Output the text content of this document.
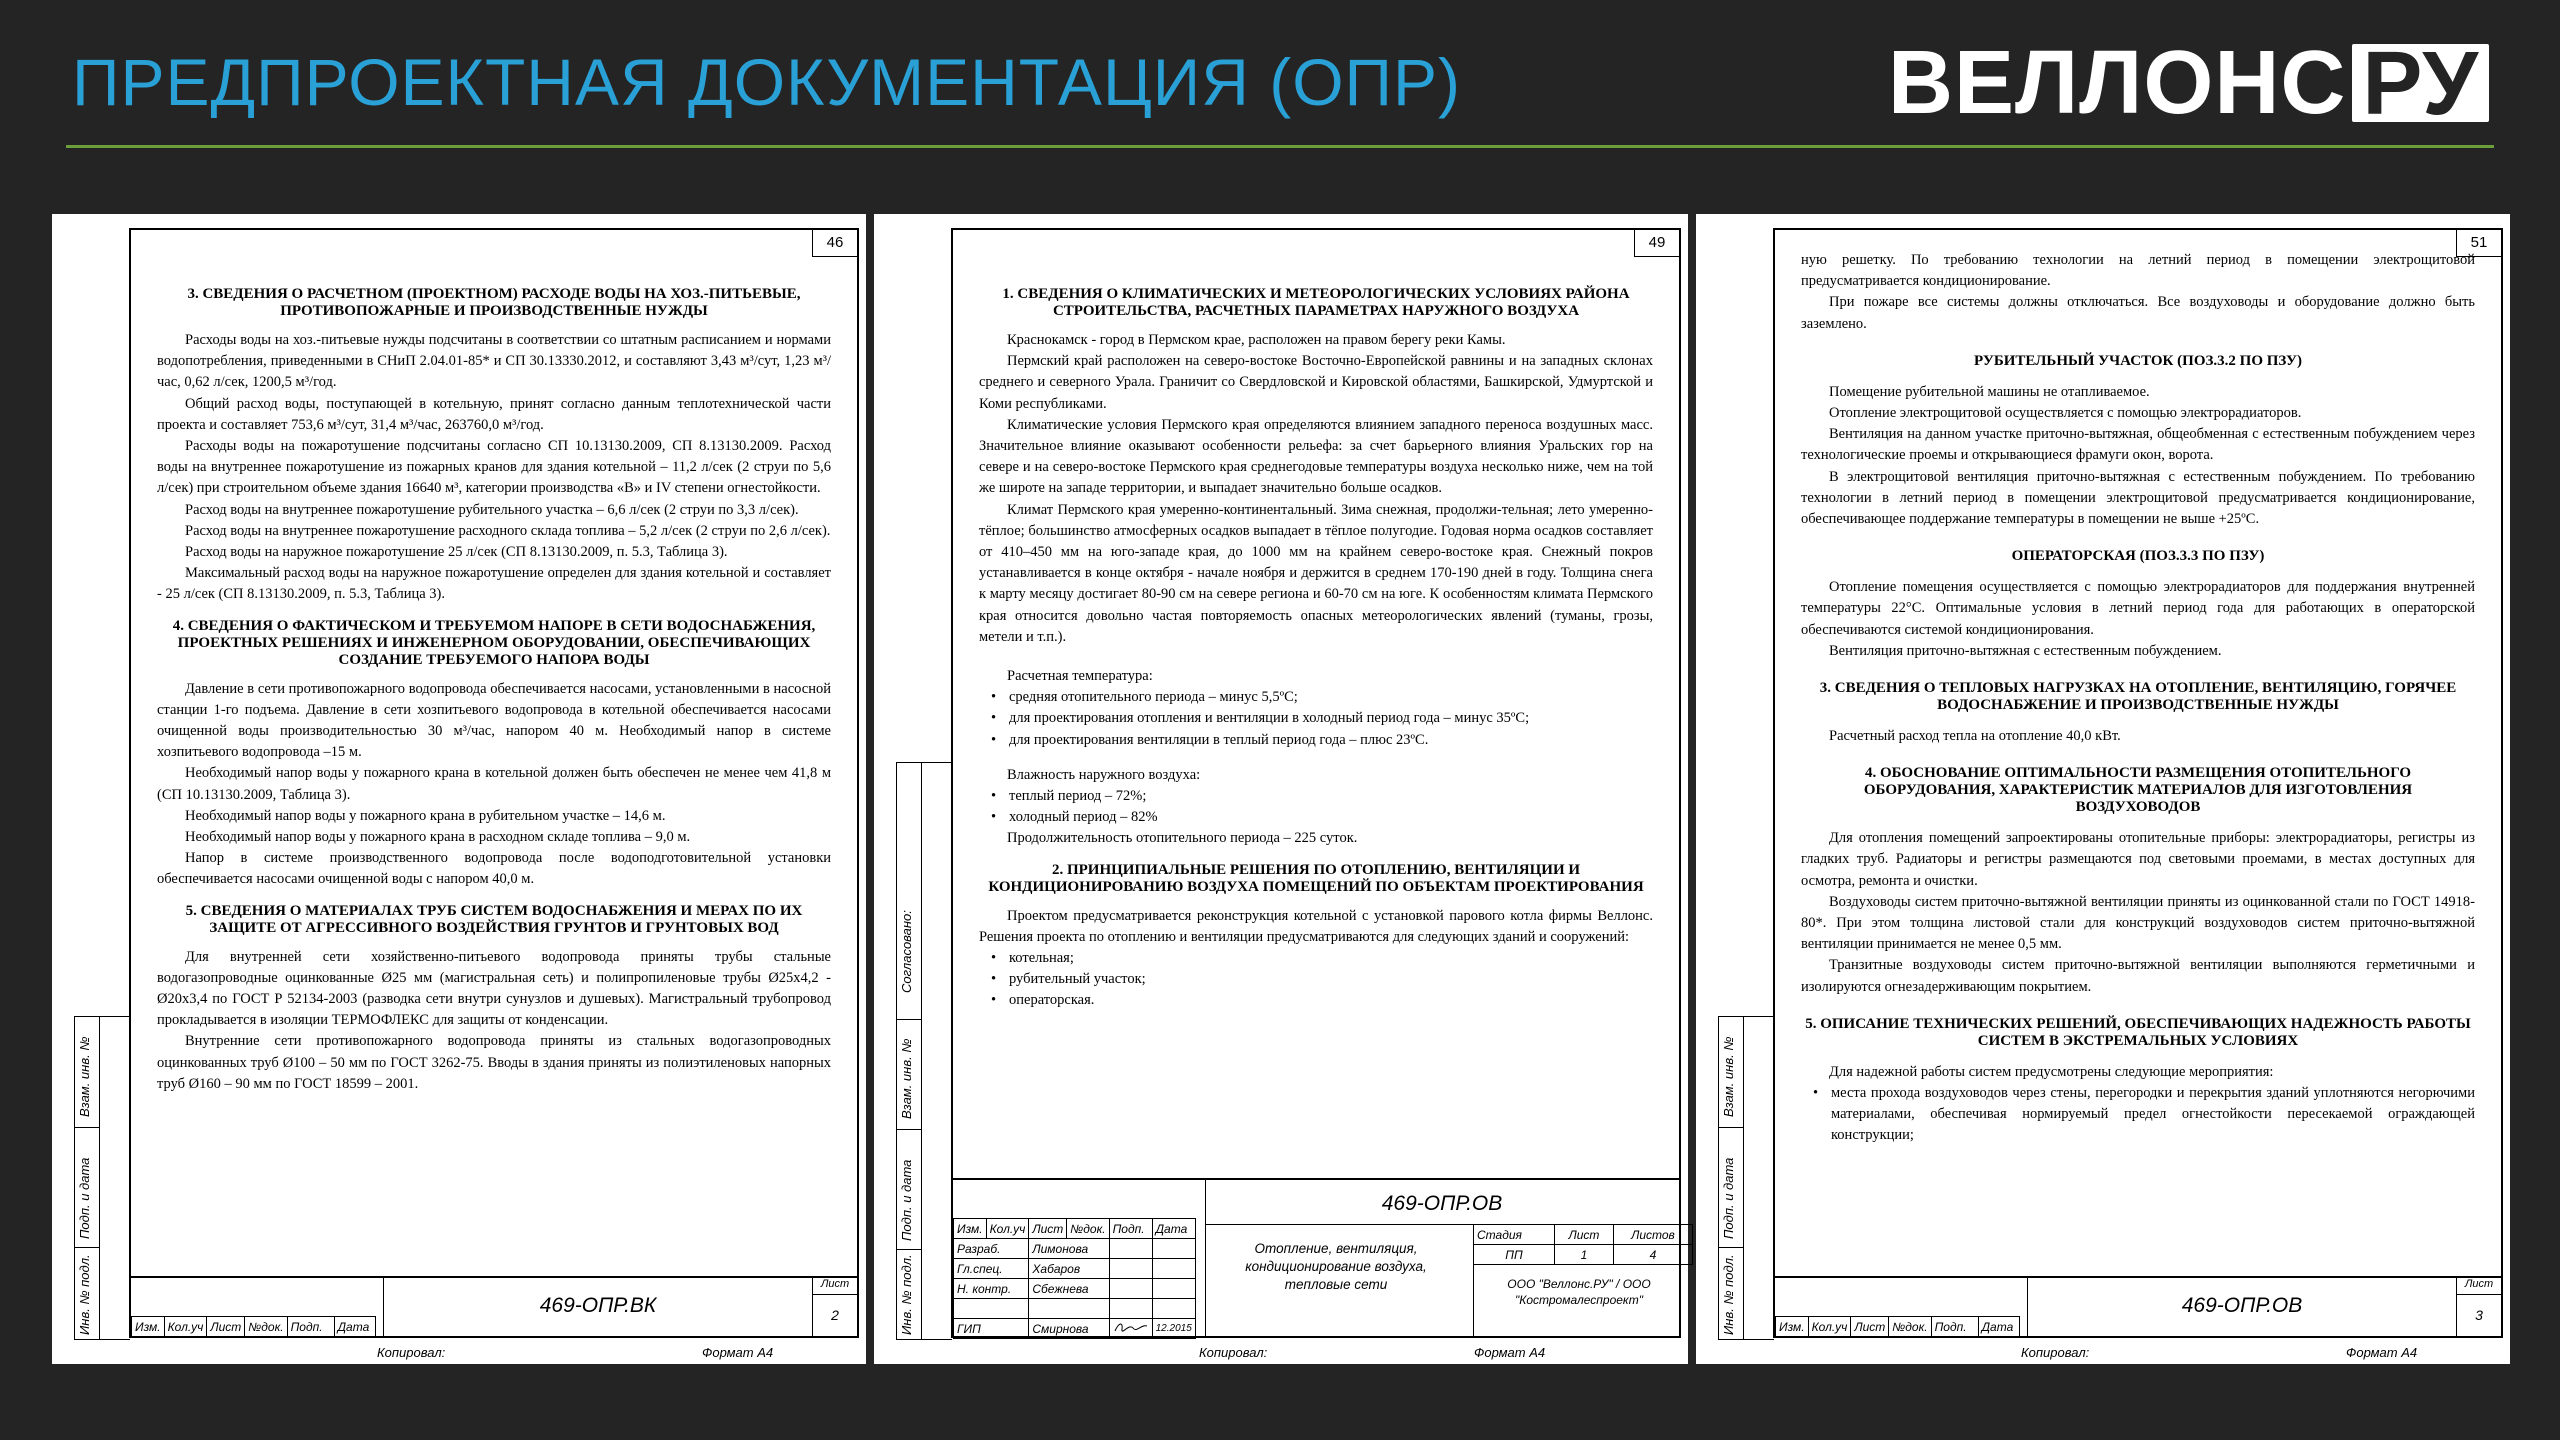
ПРЕДПРОЕКТНАЯ ДОКУМЕНТАЦИЯ (ОПР)	ВЕЛЛОНС РУ
Взам. инв. №
Подп. и дата
Инв. № подл.
46
3. СВЕДЕНИЯ О РАСЧЕТНОМ (ПРОЕКТНОМ) РАСХОДЕ ВОДЫ НА ХОЗ.-ПИТЬЕВЫЕ, ПРОТИВОПОЖАРНЫЕ И ПРОИЗВОДСТВЕННЫЕ НУЖДЫ

Расходы воды на хоз.-питьевые нужды подсчитаны в соответствии со штатным расписанием и нормами водопотребления, приведенными в СНиП 2.04.01-85* и СП 30.13330.2012, и составляют 3,43 м³/сут, 1,23 м³/час, 0,62 л/сек, 1200,5 м³/год.

Общий расход воды, поступающей в котельную, принят согласно данным теплотехнической части проекта и составляет 753,6 м³/сут, 31,4 м³/час, 263760,0 м³/год.

Расходы воды на пожаротушение подсчитаны согласно СП 10.13130.2009, СП 8.13130.2009. Расход воды на внутреннее пожаротушение из пожарных кранов для здания котельной – 11,2 л/сек (2 струи по 5,6 л/сек) при строительном объеме здания 16640 м³, категории производства «В» и IV степени огнестойкости.

Расход воды на внутреннее пожаротушение рубительного участка – 6,6 л/сек (2 струи по 3,3 л/сек).

Расход воды на внутреннее пожаротушение расходного склада топлива – 5,2 л/сек (2 струи по 2,6 л/сек).

Расход воды на наружное пожаротушение 25 л/сек (СП 8.13130.2009, п. 5.3, Таблица 3).

Максимальный расход воды на наружное пожаротушение определен для здания котельной и составляет - 25 л/сек (СП 8.13130.2009, п. 5.3, Таблица 3).

4. СВЕДЕНИЯ О ФАКТИЧЕСКОМ И ТРЕБУЕМОМ НАПОРЕ В СЕТИ ВОДОСНАБЖЕНИЯ, ПРОЕКТНЫХ РЕШЕНИЯХ И ИНЖЕНЕРНОМ ОБОРУДОВАНИИ, ОБЕСПЕЧИВАЮЩИХ СОЗДАНИЕ ТРЕБУЕМОГО НАПОРА ВОДЫ

Давление в сети противопожарного водопровода обеспечивается насосами, установленными в насосной станции 1-го подъема. Давление в сети хозпитьевого водопровода в котельной обеспечивается насосами очищенной воды производительностью 30 м³/час, напором 40 м. Необходимый напор в системе хозпитьевого водопровода –15 м.

Необходимый напор воды у пожарного крана в котельной должен быть обеспечен не менее чем 41,8 м (СП 10.13130.2009, Таблица 3).

Необходимый напор воды у пожарного крана в рубительном участке – 14,6 м.

Необходимый напор воды у пожарного крана в расходном складе топлива – 9,0 м.

Напор в системе производственного водопровода после водоподготовительной установки обеспечивается насосами очищенной воды с напором 40,0 м.

5. СВЕДЕНИЯ О МАТЕРИАЛАХ ТРУБ СИСТЕМ ВОДОСНАБЖЕНИЯ И МЕРАХ ПО ИХ ЗАЩИТЕ ОТ АГРЕССИВНОГО ВОЗДЕЙСТВИЯ ГРУНТОВ И ГРУНТОВЫХ ВОД

Для внутренней сети хозяйственно-питьевого водопровода приняты трубы стальные водогазопроводные оцинкованные Ø25 мм (магистральная сеть) и полипропиленовые трубы Ø25х4,2 - Ø20х3,4 по ГОСТ Р 52134-2003 (разводка сети внутри сунузлов и душевых). Магистральный трубопровод прокладывается в изоляции ТЕРМОФЛЕКС для защиты от конденсации.

Внутренние сети противопожарного водопровода приняты из стальных водогазопроводных оцинкованных труб Ø100 – 50 мм по ГОСТ 3262-75. Вводы в здания приняты из полиэтиленовых напорных труб Ø160 – 90 мм по ГОСТ 18599 – 2001.

Изм.	Кол.уч	Лист	№док.	Подп.	Дата
469-ОПР.ВК
Лист
2
Копировал:	Формат А4
Согласовано:
Взам. инв. №
Подп. и дата
Инв. № подл.
49
1. СВЕДЕНИЯ О КЛИМАТИЧЕСКИХ И МЕТЕОРОЛОГИЧЕСКИХ УСЛОВИЯХ РАЙОНА СТРОИТЕЛЬСТВА, РАСЧЕТНЫХ ПАРАМЕТРАХ НАРУЖНОГО ВОЗДУХА

Краснокамск - город в Пермском крае, расположен на правом берегу реки Камы.

Пермский край расположен на северо-востоке Восточно-Европейской равнины и на западных склонах среднего и северного Урала. Граничит со Свердловской и Кировской областями, Башкирской, Удмуртской и Коми республиками.

Климатические условия Пермского края определяются влиянием западного переноса воздушных масс. Значительное влияние оказывают особенности рельефа: за счет барьерного влияния Уральских гор на севере и на северо-востоке Пермского края среднегодовые температуры воздуха несколько ниже, чем на той же широте на западе территории, и выпадает значительно больше осадков.

Климат Пермского края умеренно-континентальный. Зима снежная, продолжи-тельная; лето умеренно-тёплое; большинство атмосферных осадков выпадает в тёплое полугодие. Годовая норма осадков составляет от 410–450 мм на юго-западе края, до 1000 мм на крайнем северо-востоке края. Снежный покров устанавливается в конце октября - начале ноября и держится в среднем 170-190 дней в году. Толщина снега к марту месяцу достигает 80-90 см на севере региона и 60-70 см на юге. К особенностям климата Пермского края относится довольно частая повторяемость опасных метеорологических явлений (туманы, грозы, метели и т.п.).

Расчетная температура:

• средняя отопительного периода – минус 5,5ºС;
• для проектирования отопления и вентиляции в холодный период года – минус 35ºС;
• для проектирования вентиляции в теплый период года – плюс 23ºС.

Влажность наружного воздуха:

• теплый период – 72%;
• холодный период – 82%

Продолжительность отопительного периода – 225 суток.

2. ПРИНЦИПИАЛЬНЫЕ РЕШЕНИЯ ПО ОТОПЛЕНИЮ, ВЕНТИЛЯЦИИ И КОНДИЦИОНИРОВАНИЮ ВОЗДУХА ПОМЕЩЕНИЙ ПО ОБЪЕКТАМ ПРОЕКТИРОВАНИЯ

Проектом предусматривается реконструкция котельной с установкой парового котла фирмы Веллонс. Решения проекта по отоплению и вентиляции предусматриваются для следующих зданий и сооружений:

• котельная;
• рубительный участок;
• операторская.
Изм.	Кол.уч	Лист	№док.	Подп.	Дата
Разраб.		Лимонова			
Гл.спец.		Хабаров			
Н. контр.		Сбежнева			

ГИП		Смирнова			12.2015
469-ОПР.ОВ
Отопление, вентиляция, кондиционирование воздуха, тепловые сети
Стадия	Лист	Листов
ПП	1	4
ООО "Веллонс.РУ" / ООО "Костромалеспроект"
Копировал:	Формат А4
Взам. инв. №
Подп. и дата
Инв. № подл.
51

ную решетку. По требованию технологии на летний период в помещении электрощитовой предусматривается кондиционирование.

При пожаре все системы должны отключаться. Все воздуховоды и оборудование должно быть заземлено.

РУБИТЕЛЬНЫЙ УЧАСТОК (ПОЗ.3.2 ПО ПЗУ)

Помещение рубительной машины не отапливаемое.

Отопление электрощитовой осуществляется с помощью электрорадиаторов.

Вентиляция на данном участке приточно-вытяжная, общеобменная с естественным побуждением через технологические проемы и открывающиеся фрамуги окон, ворота.

В электрощитовой вентиляция приточно-вытяжная с естественным побуждением. По требованию технологии в летний период в помещении электрощитовой предусматривается кондиционирование, обеспечивающее поддержание температуры в помещении не выше +25ºС.

ОПЕРАТОРСКАЯ (ПОЗ.3.3 ПО ПЗУ)

Отопление помещения осуществляется с помощью электрорадиаторов для поддержания внутренней температуры 22°С. Оптимальные условия в летний период года для работающих в операторской обеспечиваются системой кондиционирования.

Вентиляция приточно-вытяжная с естественным побуждением.

3. СВЕДЕНИЯ О ТЕПЛОВЫХ НАГРУЗКАХ НА ОТОПЛЕНИЕ, ВЕНТИЛЯЦИЮ, ГОРЯЧЕЕ ВОДОСНАБЖЕНИЕ И ПРОИЗВОДСТВЕННЫЕ НУЖДЫ

Расчетный расход тепла на отопление 40,0 кВт.

4. ОБОСНОВАНИЕ ОПТИМАЛЬНОСТИ РАЗМЕЩЕНИЯ ОТОПИТЕЛЬНОГО ОБОРУДОВАНИЯ, ХАРАКТЕРИСТИК МАТЕРИАЛОВ ДЛЯ ИЗГОТОВЛЕНИЯ ВОЗДУХОВОДОВ

Для отопления помещений запроектированы отопительные приборы: электрорадиаторы, регистры из гладких труб. Радиаторы и регистры размещаются под световыми проемами, в местах доступных для осмотра, ремонта и очистки.

Воздуховоды систем приточно-вытяжной вентиляции приняты из оцинкованной стали по ГОСТ 14918-80*. При этом толщина листовой стали для конструкций воздуховодов систем приточно-вытяжной вентиляции принимается не менее 0,5 мм.

Транзитные воздуховоды систем приточно-вытяжной вентиляции выполняются герметичными и изолируются огнезадерживающим покрытием.

5. ОПИСАНИЕ ТЕХНИЧЕСКИХ РЕШЕНИЙ, ОБЕСПЕЧИВАЮЩИХ НАДЕЖНОСТЬ РАБОТЫ СИСТЕМ В ЭКСТРЕМАЛЬНЫХ УСЛОВИЯХ

Для надежной работы систем предусмотрены следующие мероприятия:

• места прохода воздуховодов через стены, перегородки и перекрытия зданий уплотняются негорючими материалами, обеспечивая нормируемый предел огнестойкости пересекаемой ограждающей конструкции;
Изм.	Кол.уч	Лист	№док.	Подп.	Дата
469-ОПР.ОВ
Лист
3
Копировал:	Формат А4
